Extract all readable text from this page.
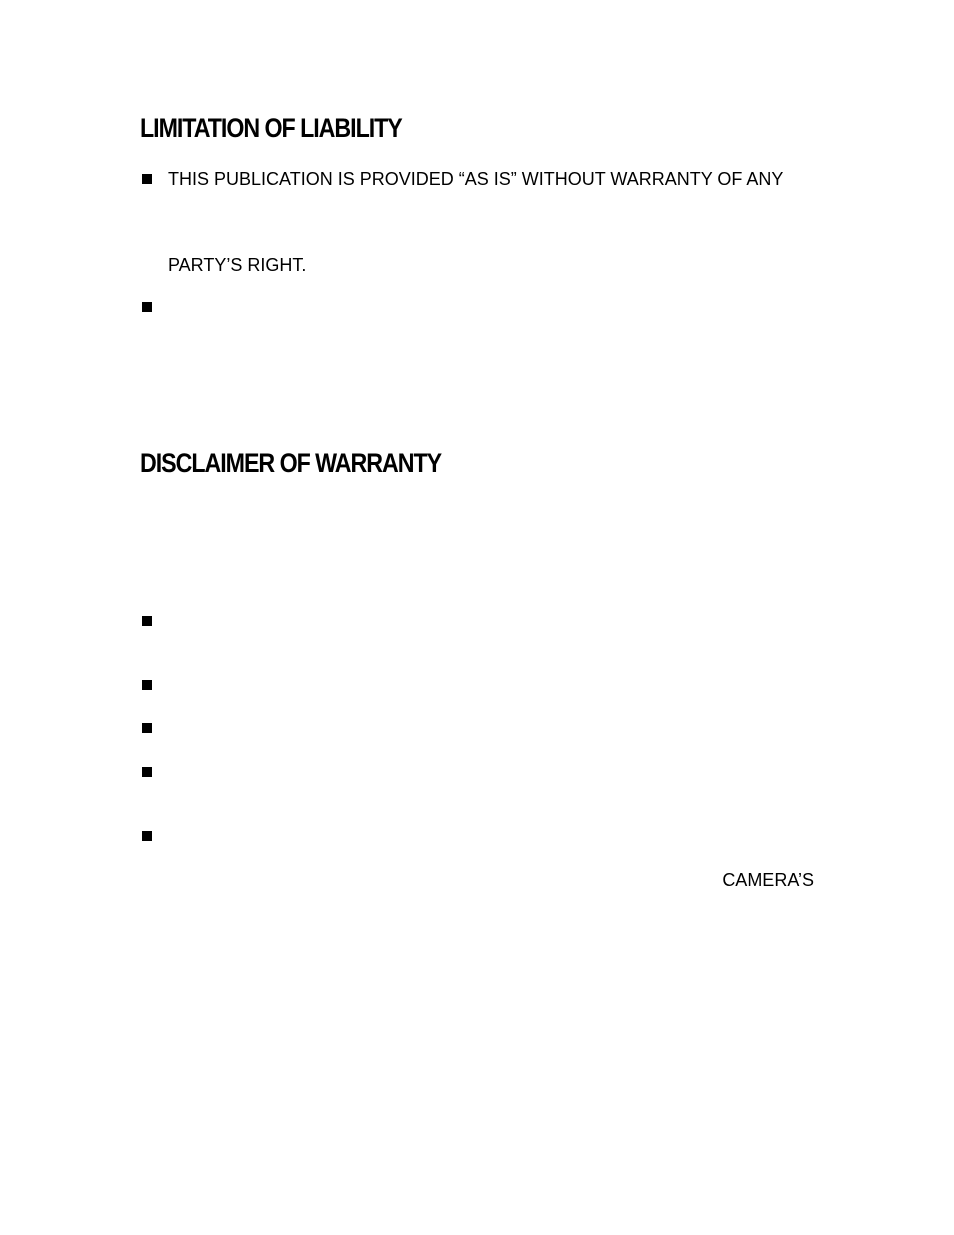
LIMITATION OF LIABILITY
THIS PUBLICATION IS PROVIDED “AS IS” WITHOUT WARRANTY OF ANY
PARTY’S RIGHT.
DISCLAIMER OF WARRANTY
CAMERA’S
